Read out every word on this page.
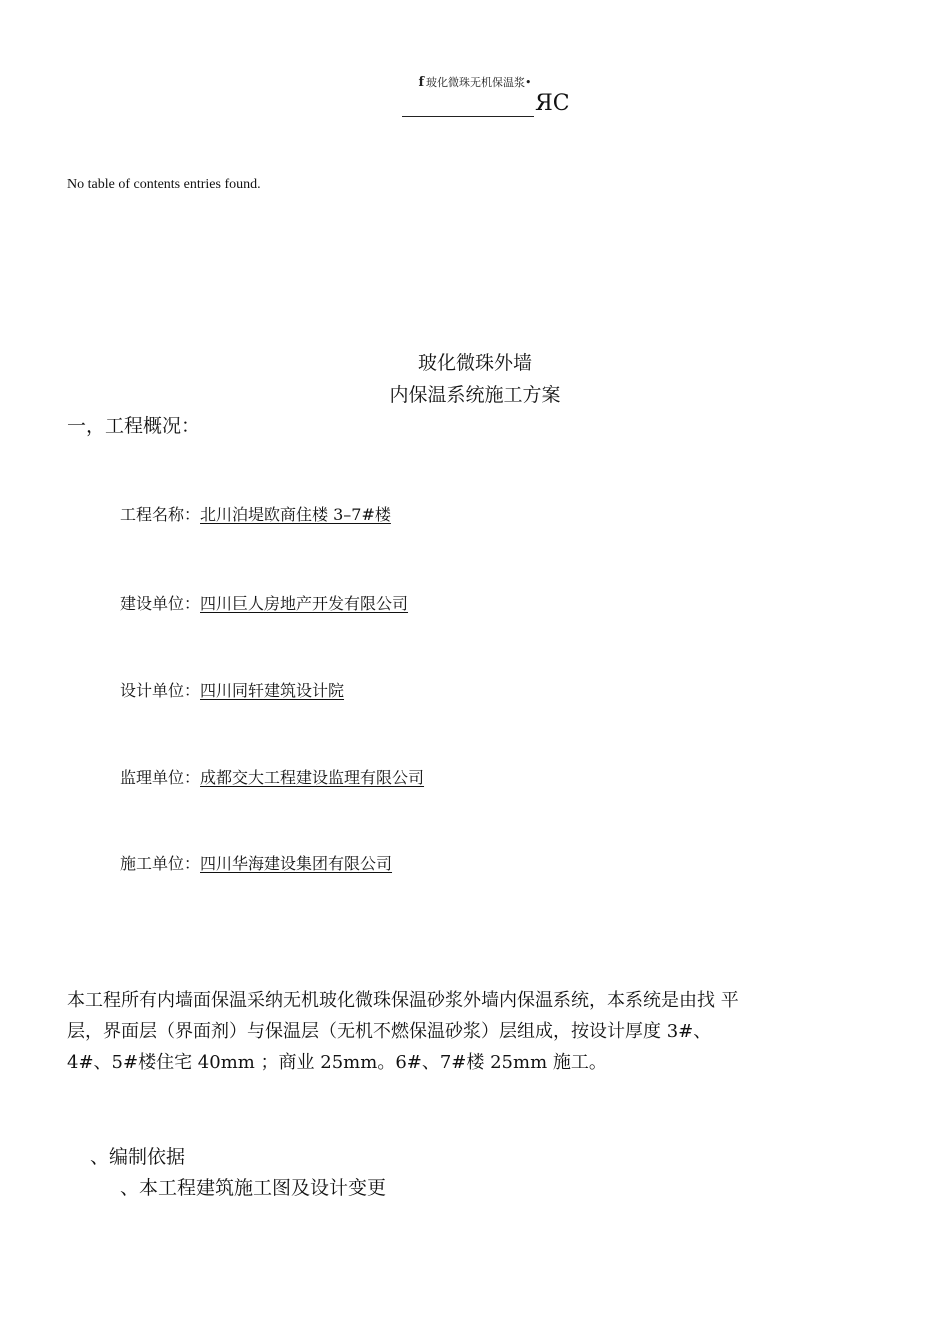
f 玻化微珠无机保温浆•
ЯC
No table of contents entries found.
玻化微珠外墙
内保温系统施工方案
一，工程概况：
工程名称：北川泊堤欧商住楼 3–7#楼
建设单位：四川巨人房地产开发有限公司
设计单位：四川同轩建筑设计院
监理单位：成都交大工程建设监理有限公司
施工单位：四川华海建设集团有限公司
本工程所有内墙面保温采纳无机玻化微珠保温砂浆外墙内保温系统，本系统是由找 平
层，界面层（界面剂）与保温层（无机不燃保温砂浆）层组成，按设计厚度 3#、
4#、5#楼住宅 40mm ；商业 25mm。6#、7#楼 25mm 施工。
、编制依据
、本工程建筑施工图及设计变更
